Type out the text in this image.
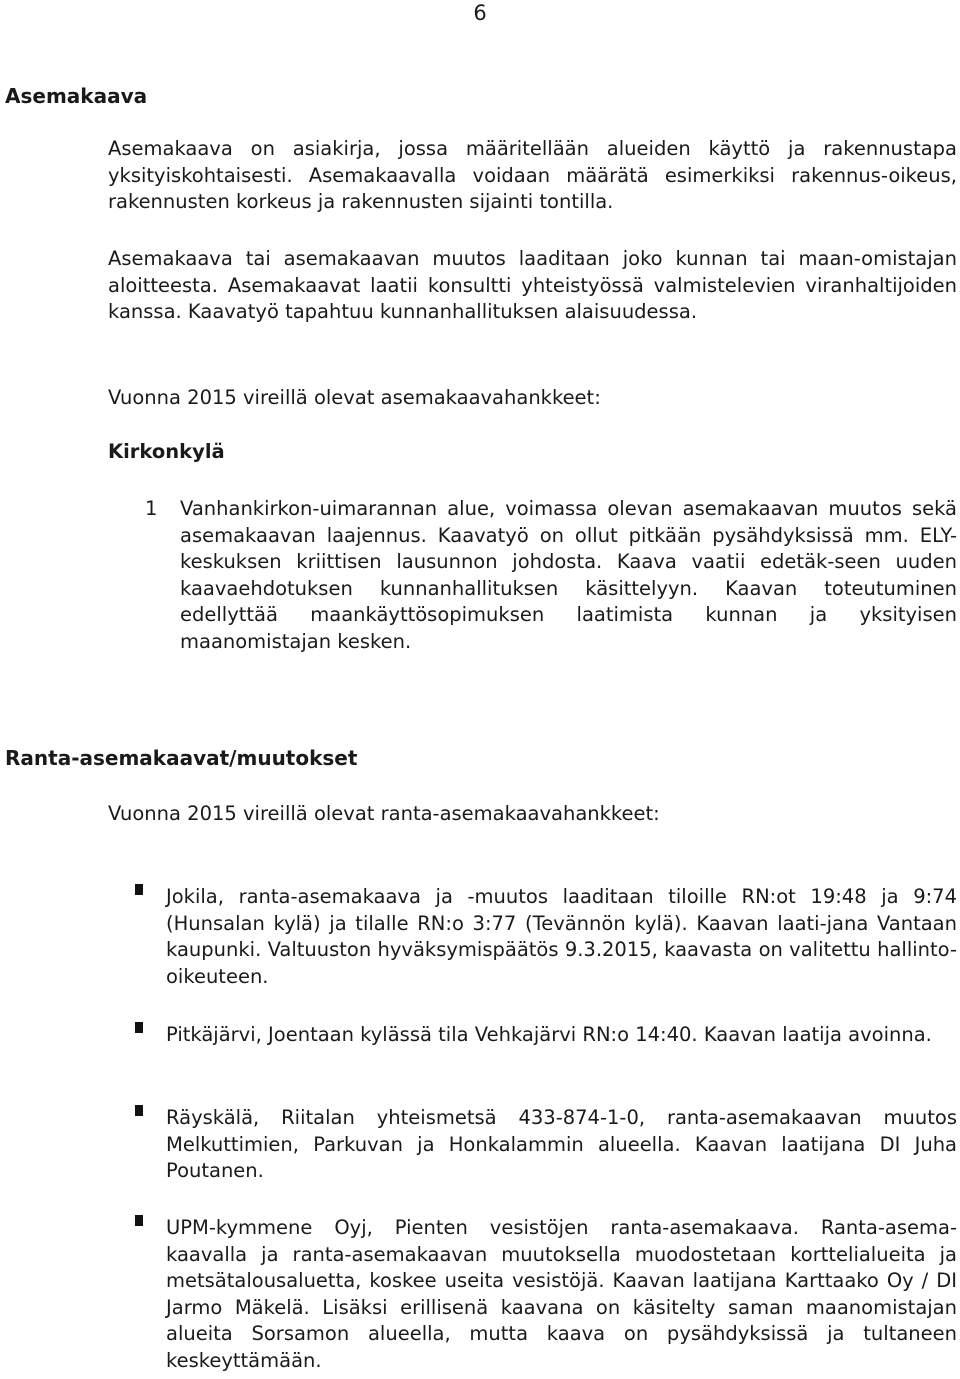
6
Asemakaava
Asemakaava on asiakirja, jossa määritellään alueiden käyttö ja rakennustapa yksityiskohtaisesti. Asemakaavalla voidaan määrätä esimerkiksi rakennus-oikeus, rakennusten korkeus ja rakennusten sijainti tontilla.
Asemakaava tai asemakaavan muutos laaditaan joko kunnan tai maan-omistajan aloitteesta. Asemakaavat laatii konsultti yhteistyössä valmistelevien viranhaltijoiden kanssa. Kaavatyö tapahtuu kunnanhallituksen alaisuudessa.
Vuonna 2015 vireillä olevat asemakaavahankkeet:
Kirkonkylä
1 Vanhankirkon-uimarannan alue, voimassa olevan asemakaavan muutos sekä asemakaavan laajennus. Kaavatyö on ollut pitkään pysähdyksissä mm. ELY-keskuksen kriittisen lausunnon johdosta. Kaava vaatii edetäk-seen uuden kaavaehdotuksen kunnanhallituksen käsittelyyn. Kaavan toteutuminen edellyttää maankäyttösopimuksen laatimista kunnan ja yksityisen maanomistajan kesken.
Ranta-asemakaavat/muutokset
Vuonna 2015 vireillä olevat ranta-asemakaavahankkeet:
Jokila, ranta-asemakaava ja -muutos laaditaan tiloille RN:ot 19:48 ja 9:74 (Hunsalan kylä) ja tilalle RN:o 3:77 (Tevännön kylä). Kaavan laati-jana Vantaan kaupunki. Valtuuston hyväksymispäätös 9.3.2015, kaavasta on valitettu hallinto-oikeuteen.
Pitkäjärvi, Joentaan kylässä tila Vehkajärvi RN:o 14:40. Kaavan laatija avoinna.
Räyskälä, Riitalan yhteismetsä 433-874-1-0, ranta-asemakaavan muutos Melkuttimien, Parkuvan ja Honkalammin alueella. Kaavan laatijana DI Juha Poutanen.
UPM-kymmene Oyj, Pienten vesistöjen ranta-asemakaava. Ranta-asema-kaavalla ja ranta-asemakaavan muutoksella muodostetaan korttelialueita ja metsätalousaluetta, koskee useita vesistöjä. Kaavan laatijana Karttaako Oy / DI Jarmo Mäkelä. Lisäksi erillisenä kaavana on käsitelty saman maanomistajan alueita Sorsamon alueella, mutta kaava on pysähdyksissä ja tultaneen keskeyttämään.
